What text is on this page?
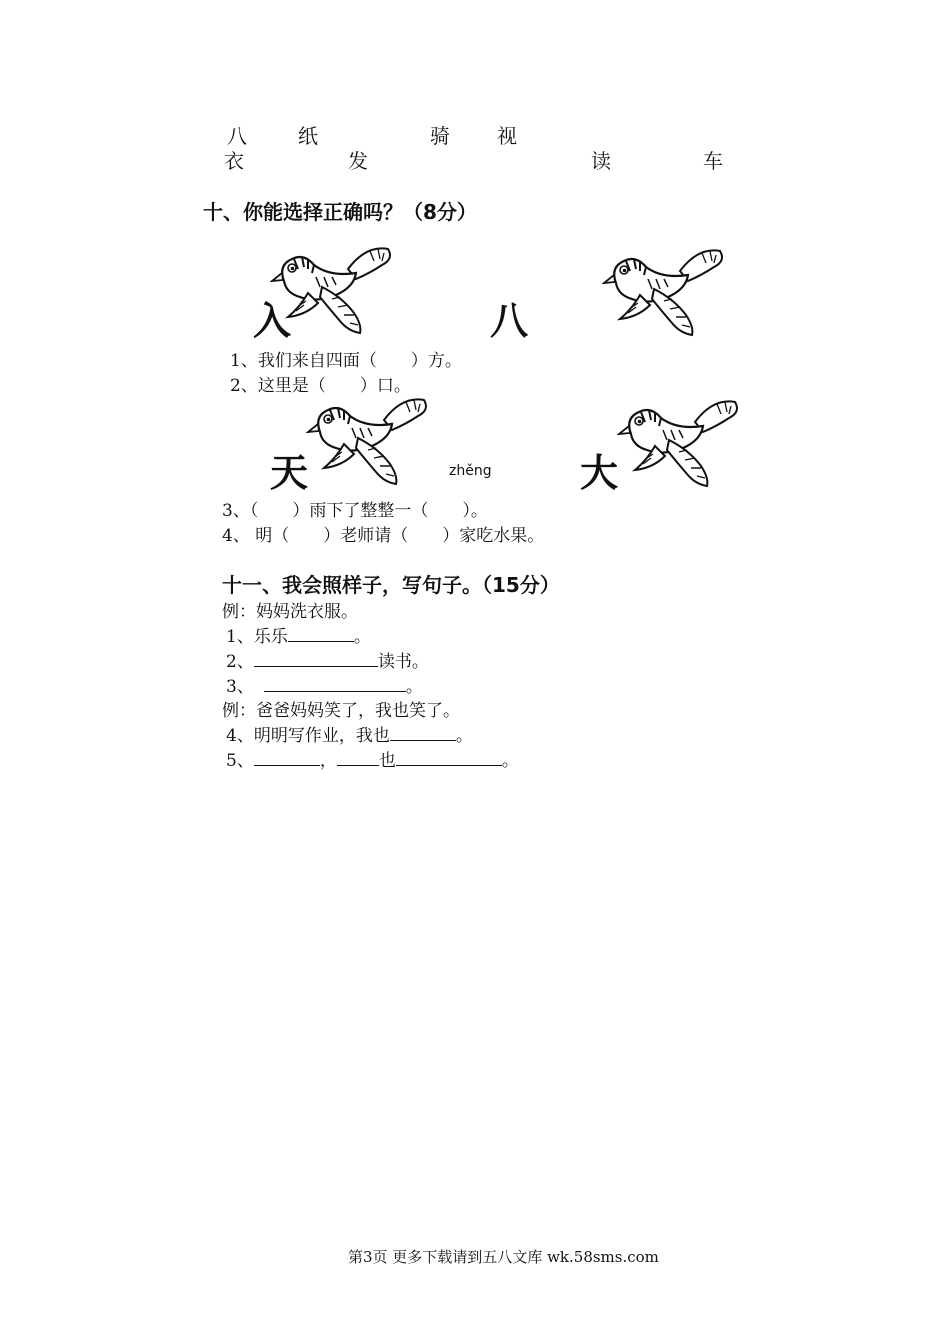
八	纸	骑 视
衣	发	读	车
十、你能选择正确吗？（8分）
入	八
1、我们来自四面（　　）方。
2、这里是（　　）口。
天	大
zhěng
3、（　　）雨下了整整一（　　）。
4、 明（　　）老师请（　　）家吃水果。
十一、我会照样子，写句子。（15分）
例：妈妈洗衣服。
1、乐乐	。
2、	读书。
3、	。
例：爸爸妈妈笑了，我也笑了。
4、明明写作业，我也	。
5、	， 也	。
第3页 更多下载请到五八文库 wk.58sms.com
